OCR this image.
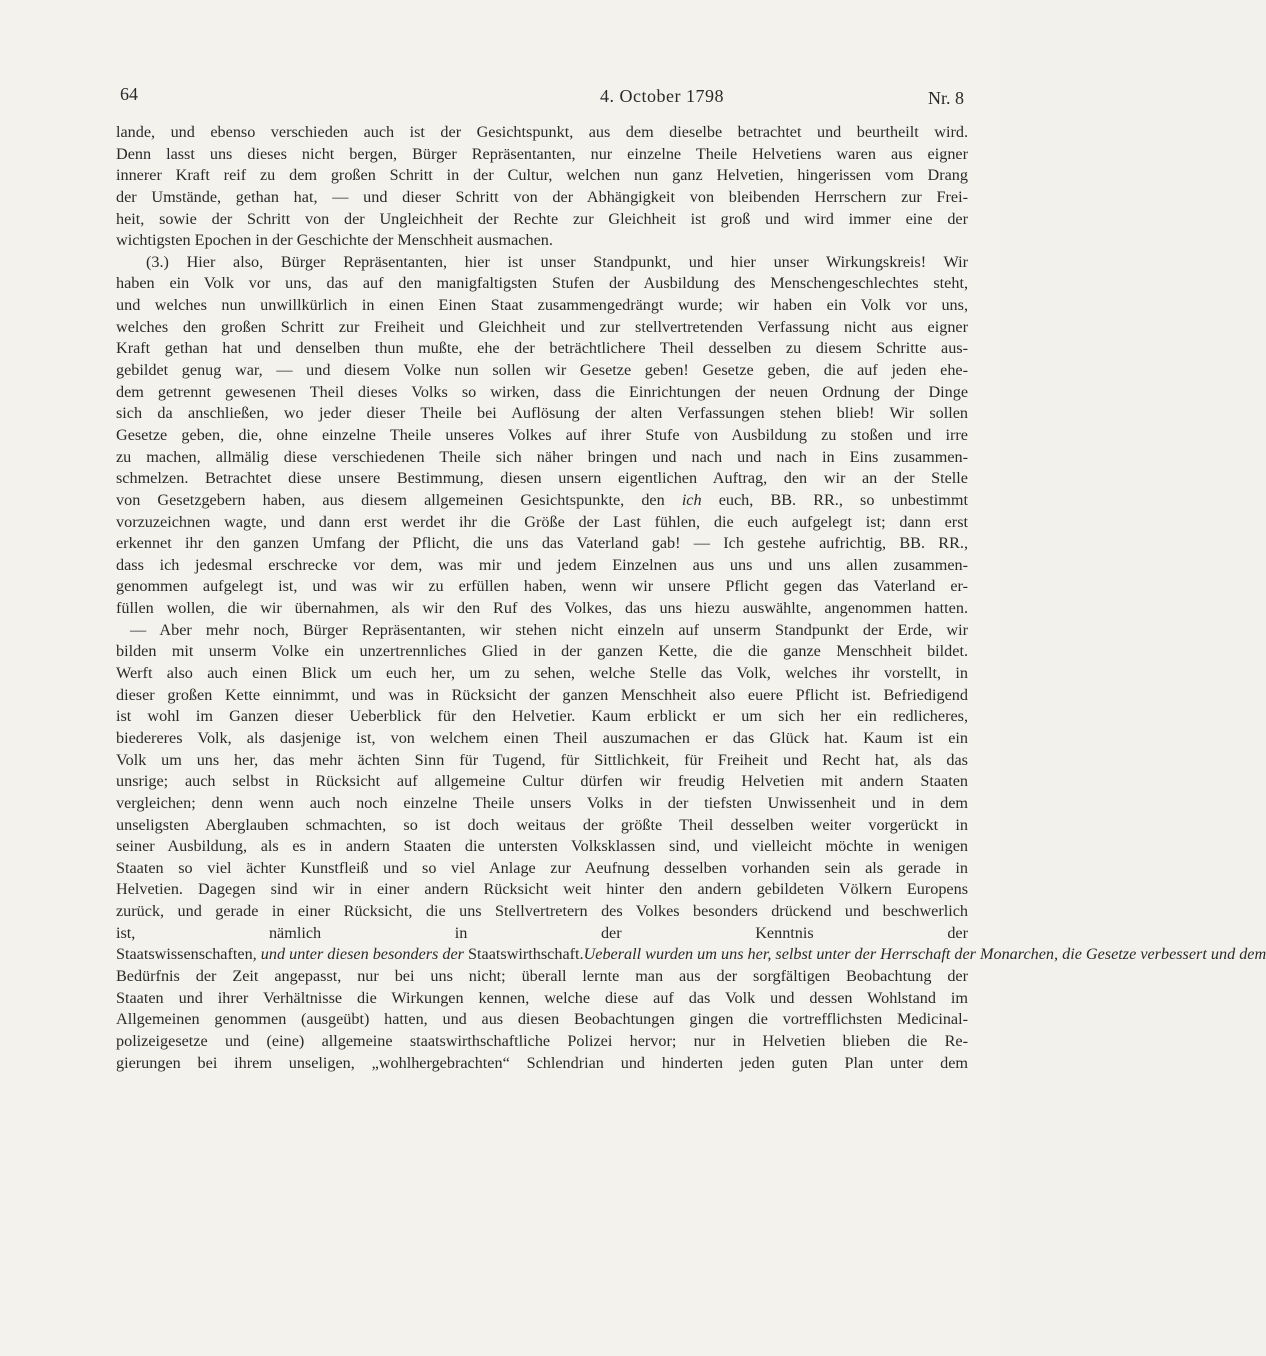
64	4. October 1798	Nr. 8
lande, und ebenso verschieden auch ist der Gesichtspunkt, aus dem dieselbe betrachtet und beurtheilt wird.
Denn lasst uns dieses nicht bergen, Bürger Repräsentanten, nur einzelne Theile Helvetiens waren aus eigner
innerer Kraft reif zu dem großen Schritt in der Cultur, welchen nun ganz Helvetien, hingerissen vom Drang
der Umstände, gethan hat, — und dieser Schritt von der Abhängigkeit von bleibenden Herrschern zur Frei-
heit, sowie der Schritt von der Ungleichheit der Rechte zur Gleichheit ist groß und wird immer eine der
wichtigsten Epochen in der Geschichte der Menschheit ausmachen.
(3.) Hier also, Bürger Repräsentanten, hier ist unser Standpunkt, und hier unser Wirkungskreis! Wir
haben ein Volk vor uns, das auf den manigfaltigsten Stufen der Ausbildung des Menschengeschlechtes steht,
und welches nun unwillkürlich in einen Einen Staat zusammengedrängt wurde; wir haben ein Volk vor uns,
welches den großen Schritt zur Freiheit und Gleichheit und zur stellvertretenden Verfassung nicht aus eigner
Kraft gethan hat und denselben thun mußte, ehe der beträchtlichere Theil desselben zu diesem Schritte aus-
gebildet genug war, — und diesem Volke nun sollen wir Gesetze geben! Gesetze geben, die auf jeden ehe-
dem getrennt gewesenen Theil dieses Volks so wirken, dass die Einrichtungen der neuen Ordnung der Dinge
sich da anschließen, wo jeder dieser Theile bei Auflösung der alten Verfassungen stehen blieb! Wir sollen
Gesetze geben, die, ohne einzelne Theile unseres Volkes auf ihrer Stufe von Ausbildung zu stoßen und irre
zu machen, allmälig diese verschiedenen Theile sich näher bringen und nach und nach in Eins zusammen-
schmelzen. Betrachtet diese unsere Bestimmung, diesen unsern eigentlichen Auftrag, den wir an der Stelle
von Gesetzgebern haben, aus diesem allgemeinen Gesichtspunkte, den ich euch, BB. RR., so unbestimmt
vorzuzeichnen wagte, und dann erst werdet ihr die Größe der Last fühlen, die euch aufgelegt ist; dann erst
erkennet ihr den ganzen Umfang der Pflicht, die uns das Vaterland gab! — Ich gestehe aufrichtig, BB. RR.,
dass ich jedesmal erschrecke vor dem, was mir und jedem Einzelnen aus uns und uns allen zusammen-
genommen aufgelegt ist, und was wir zu erfüllen haben, wenn wir unsere Pflicht gegen das Vaterland er-
füllen wollen, die wir übernahmen, als wir den Ruf des Volkes, das uns hiezu auswählte, angenommen hatten.
— Aber mehr noch, Bürger Repräsentanten, wir stehen nicht einzeln auf unserm Standpunkt der Erde, wir
bilden mit unserm Volke ein unzertrennliches Glied in der ganzen Kette, die die ganze Menschheit bildet.
Werft also auch einen Blick um euch her, um zu sehen, welche Stelle das Volk, welches ihr vorstellt, in
dieser großen Kette einnimmt, und was in Rücksicht der ganzen Menschheit also euere Pflicht ist. Befriedigend
ist wohl im Ganzen dieser Ueberblick für den Helvetier. Kaum erblickt er um sich her ein redlicheres,
biedereres Volk, als dasjenige ist, von welchem einen Theil auszumachen er das Glück hat. Kaum ist ein
Volk um uns her, das mehr ächten Sinn für Tugend, für Sittlichkeit, für Freiheit und Recht hat, als das
unsrige; auch selbst in Rücksicht auf allgemeine Cultur dürfen wir freudig Helvetien mit andern Staaten
vergleichen; denn wenn auch noch einzelne Theile unsers Volks in der tiefsten Unwissenheit und in dem
unseligsten Aberglauben schmachten, so ist doch weitaus der größte Theil desselben weiter vorgerückt in
seiner Ausbildung, als es in andern Staaten die untersten Volksklassen sind, und vielleicht möchte in wenigen
Staaten so viel ächter Kunstfleiß und so viel Anlage zur Aeufnung desselben vorhanden sein als gerade in
Helvetien. Dagegen sind wir in einer andern Rücksicht weit hinter den andern gebildeten Völkern Europens
zurück, und gerade in einer Rücksicht, die uns Stellvertretern des Volkes besonders drückend und beschwerlich
ist, nämlich in der Kenntnis der
Staatswissenschaften, und unter diesen besonders der Staatswirthschaft.Ueberall wurden um uns her, selbst unter der Herrschaft der Monarchen, die Gesetze verbessert und dem
Bedürfnis der Zeit angepasst, nur bei uns nicht; überall lernte man aus der sorgfältigen Beobachtung der
Staaten und ihrer Verhältnisse die Wirkungen kennen, welche diese auf das Volk und dessen Wohlstand im
Allgemeinen genommen (ausgeübt) hatten, und aus diesen Beobachtungen gingen die vortrefflichsten Medicinal-
polizeigesetze und (eine) allgemeine staatswirthschaftliche Polizei hervor; nur in Helvetien blieben die Re-
gierungen bei ihrem unseligen, „wohlhergebrachten“ Schlendrian und hinderten jeden guten Plan unter dem
